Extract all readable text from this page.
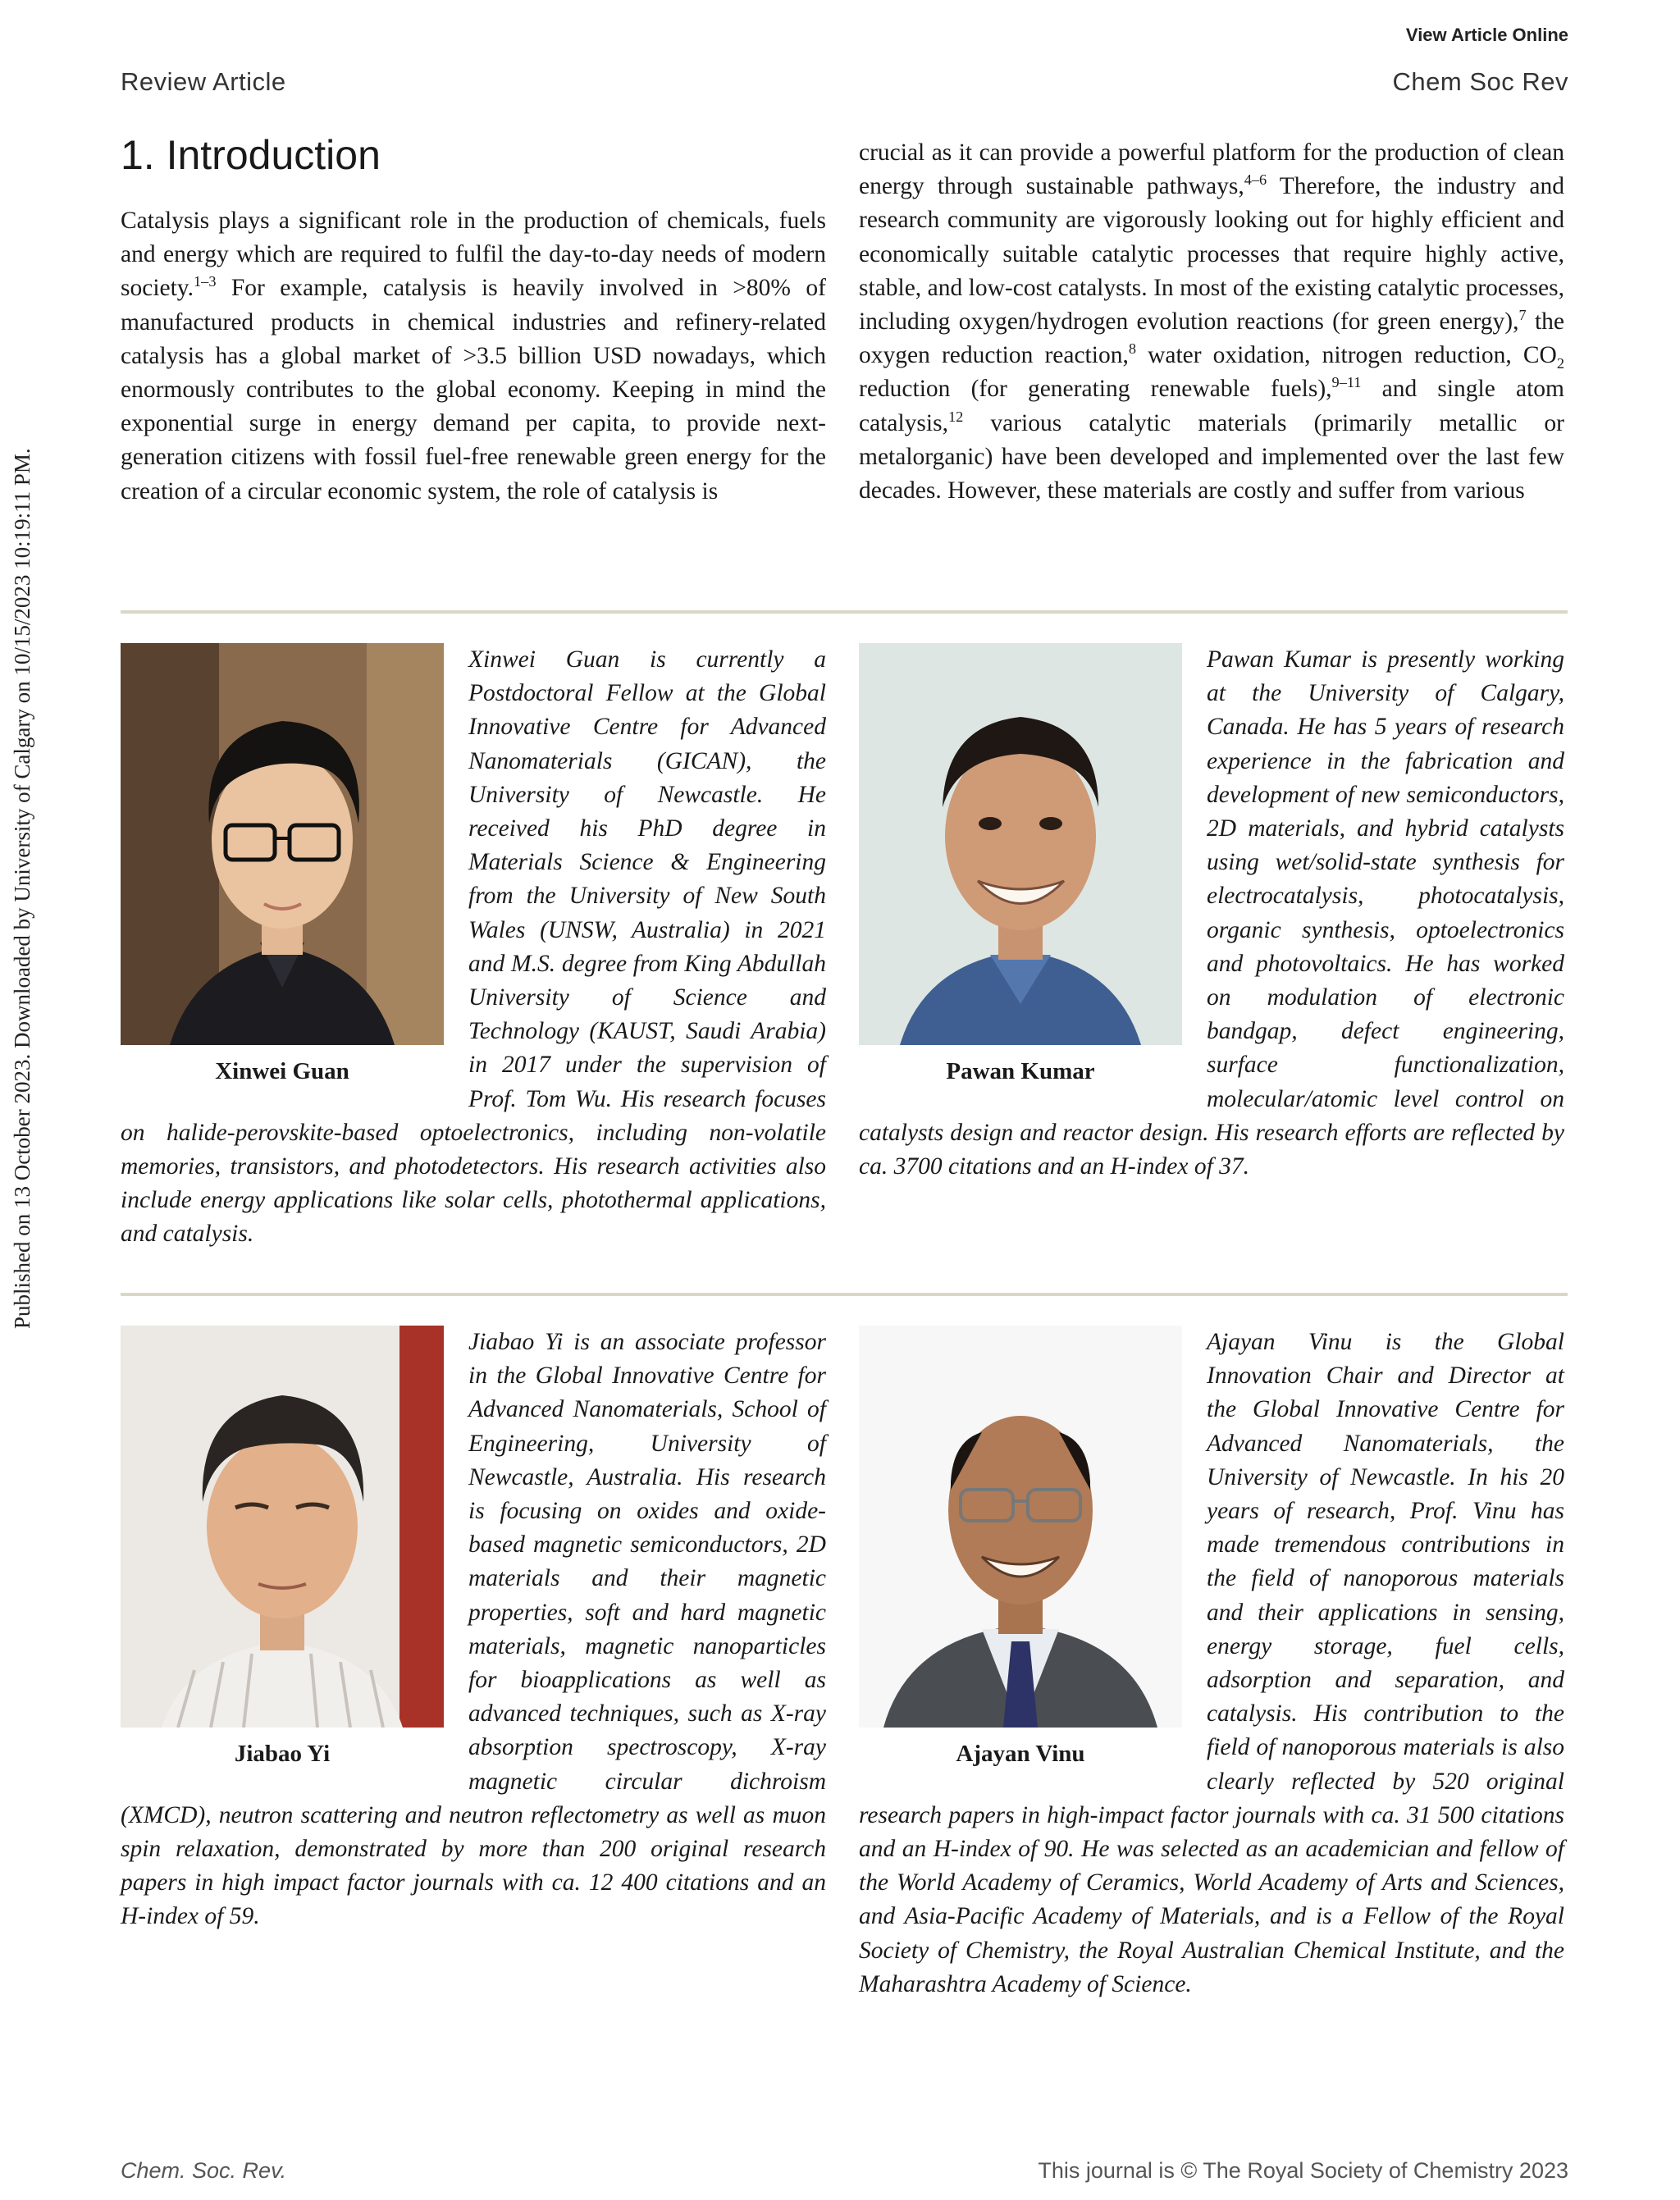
View Article Online
Review Article	Chem Soc Rev
Published on 13 October 2023. Downloaded by University of Calgary on 10/15/2023 10:19:11 PM.
1. Introduction

Catalysis plays a significant role in the production of chemicals, fuels and energy which are required to fulfil the day-to-day needs of modern society.$^{1-3}$ For example, catalysis is heavily involved in >80% of manufactured products in chemical industries and refinery-related catalysis has a global market of >3.5 billion USD nowadays, which enormously contributes to the global economy. Keeping in mind the exponential surge in energy demand per capita, to provide next-generation citizens with fossil fuel-free renewable green energy for the creation of a circular economic system, the role of catalysis is

crucial as it can provide a powerful platform for the production of clean energy through sustainable pathways,$^{4-6}$ Therefore, the industry and research community are vigorously looking out for highly efficient and economically suitable catalytic processes that require highly active, stable, and low-cost catalysts. In most of the existing catalytic processes, including oxygen/hydrogen evolution reactions (for green energy),$^7$ the oxygen reduction reaction,$^8$ water oxidation, nitrogen reduction, $CO_2$ reduction (for generating renewable fuels),$^{9-11}$ and single atom catalysis,$^{12}$ various catalytic materials (primarily metallic or metalorganic) have been developed and implemented over the last few decades. However, these materials are costly and suffer from various

Xinwei Guan

Xinwei Guan is currently a Postdoctoral Fellow at the Global Innovative Centre for Advanced Nanomaterials (GICAN), the University of Newcastle. He received his PhD degree in Materials Science & Engineering from the University of New South Wales (UNSW, Australia) in 2021 and M.S. degree from King Abdullah University of Science and Technology (KAUST, Saudi Arabia) in 2017 under the supervision of Prof. Tom Wu. His research focuses on halide-perovskite-based optoelectronics, including non-volatile memories, transistors, and photodetectors. His research activities also include energy applications like solar cells, photothermal applications, and catalysis.

Pawan Kumar

Pawan Kumar is presently working at the University of Calgary, Canada. He has 5 years of research experience in the fabrication and development of new semiconductors, 2D materials, and hybrid catalysts using wet/solid-state synthesis for electrocatalysis, photocatalysis, organic synthesis, optoelectronics and photovoltaics. He has worked on modulation of electronic bandgap, defect engineering, surface functionalization, molecular/atomic level control on catalysts design and reactor design. His research efforts are reflected by ca. 3700 citations and an H-index of 37.

Jiabao Yi

Jiabao Yi is an associate professor in the Global Innovative Centre for Advanced Nanomaterials, School of Engineering, University of Newcastle, Australia. His research is focusing on oxides and oxide-based magnetic semiconductors, 2D materials and their magnetic properties, soft and hard magnetic materials, magnetic nanoparticles for bioapplications as well as advanced techniques, such as X-ray absorption spectroscopy, X-ray magnetic circular dichroism (XMCD), neutron scattering and neutron reflectometry as well as muon spin relaxation, demonstrated by more than 200 original research papers in high impact factor journals with ca. 12 400 citations and an H-index of 59.

Ajayan Vinu

Ajayan Vinu is the Global Innovation Chair and Director at the Global Innovative Centre for Advanced Nanomaterials, the University of Newcastle. In his 20 years of research, Prof. Vinu has made tremendous contributions in the field of nanoporous materials and their applications in sensing, energy storage, fuel cells, adsorption and separation, and catalysis. His contribution to the field of nanoporous materials is also clearly reflected by 520 original research papers in high-impact factor journals with ca. 31 500 citations and an H-index of 90. He was selected as an academician and fellow of the World Academy of Ceramics, World Academy of Arts and Sciences, and Asia-Pacific Academy of Materials, and is a Fellow of the Royal Society of Chemistry, the Royal Australian Chemical Institute, and the Maharashtra Academy of Science.

Chem. Soc. Rev.	This journal is © The Royal Society of Chemistry 2023
